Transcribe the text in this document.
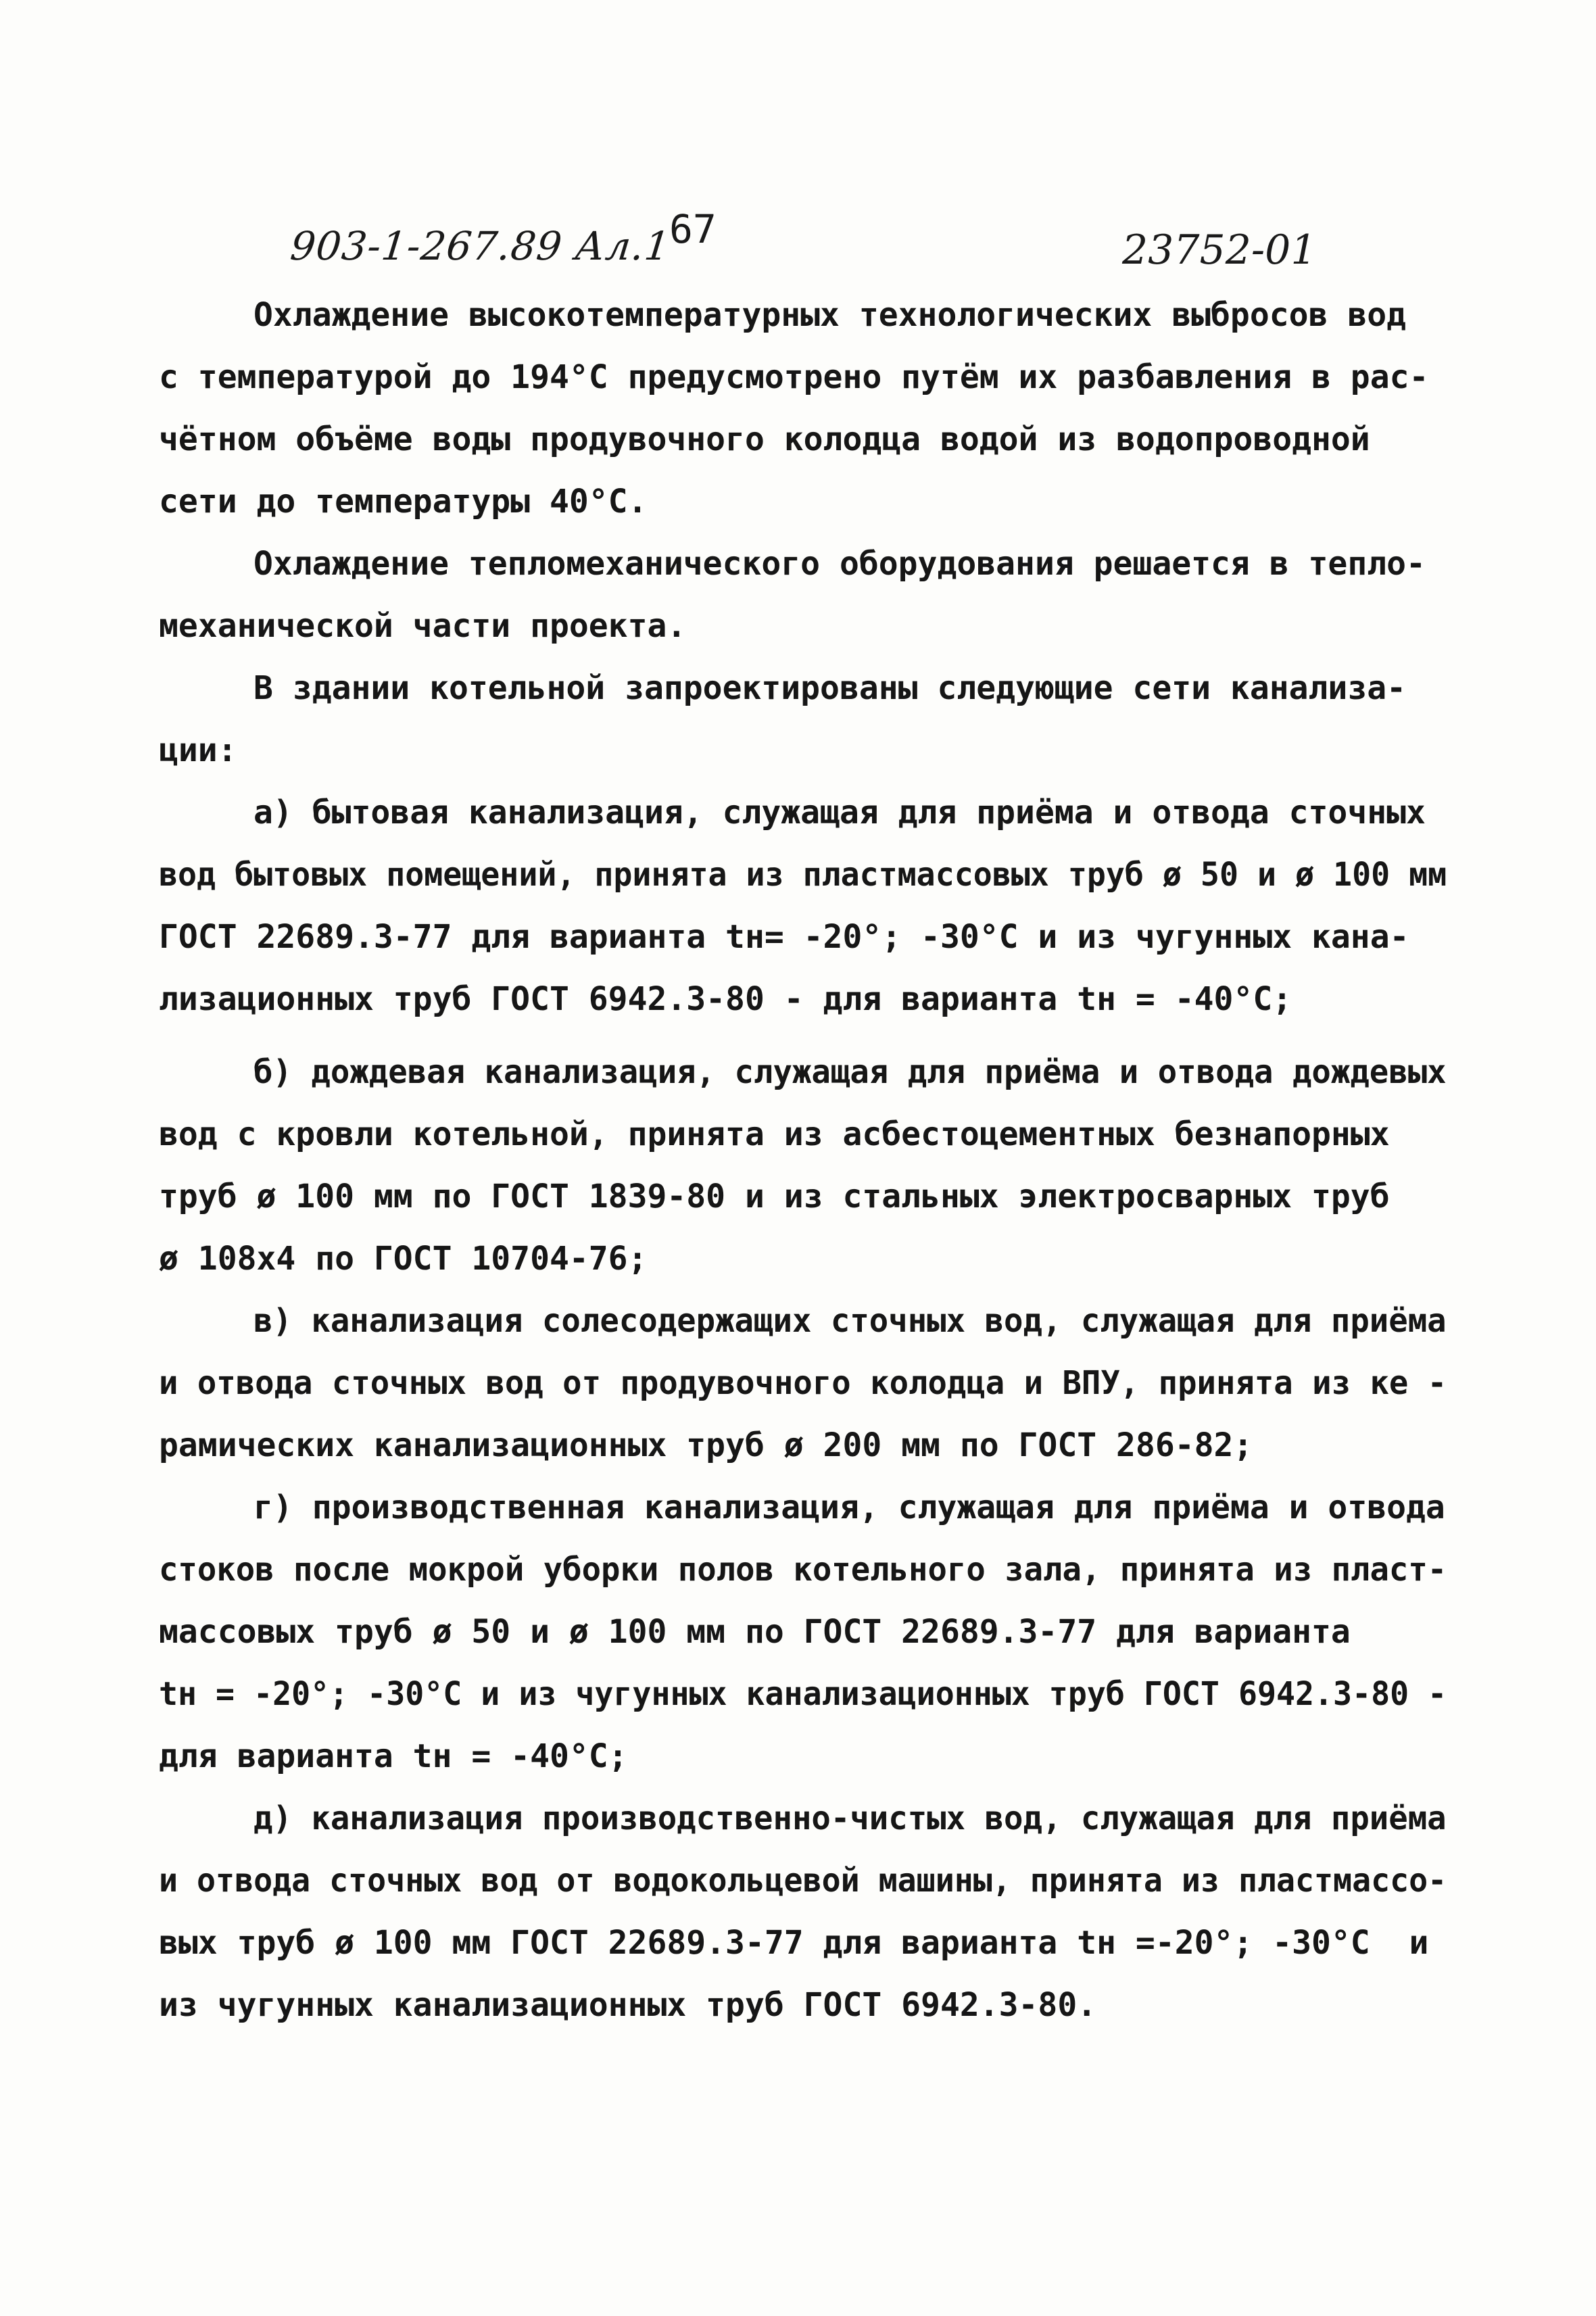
903-1-267.89 Ал.1
67	23752-01
Охлаждение высокотемпературных технологических выбросов вод
с температурой до 194°С предусмотрено путём их разбавления в рас-
чётном объёме воды продувочного колодца водой из водопроводной
сети до температуры 40°С.
Охлаждение тепломеханического оборудования решается в тепло-
механической части проекта.
В здании котельной запроектированы следующие сети канализа-
ции:
а) бытовая канализация, служащая для приёма и отвода сточных
вод бытовых помещений, принята из пластмассовых труб ø 50 и ø 100 мм
ГОСТ 22689.3-77 для варианта tн= -20°; -30°С и из чугунных кана-
лизационных труб ГОСТ 6942.3-80 - для варианта tн = -40°С;
б) дождевая канализация, служащая для приёма и отвода дождевых
вод с кровли котельной, принята из асбестоцементных безнапорных
труб ø 100 мм по ГОСТ 1839-80 и из стальных электросварных труб
ø 108х4 по ГОСТ 10704-76;
в) канализация солесодержащих сточных вод, служащая для приёма
и отвода сточных вод от продувочного колодца и ВПУ, принята из ке -
рамических канализационных труб ø 200 мм по ГОСТ 286-82;
г) производственная канализация, служащая для приёма и отвода
стоков после мокрой уборки полов котельного зала, принята из пласт-
массовых труб ø 50 и ø 100 мм по ГОСТ 22689.3-77 для варианта
tн = -20°; -30°С и из чугунных канализационных труб ГОСТ 6942.3-80 -
для варианта tн = -40°С;
д) канализация производственно-чистых вод, служащая для приёма
и отвода сточных вод от водокольцевой машины, принята из пластмассо-
вых труб ø 100 мм ГОСТ 22689.3-77 для варианта tн =-20°; -30°С  и
из чугунных канализационных труб ГОСТ 6942.3-80.
